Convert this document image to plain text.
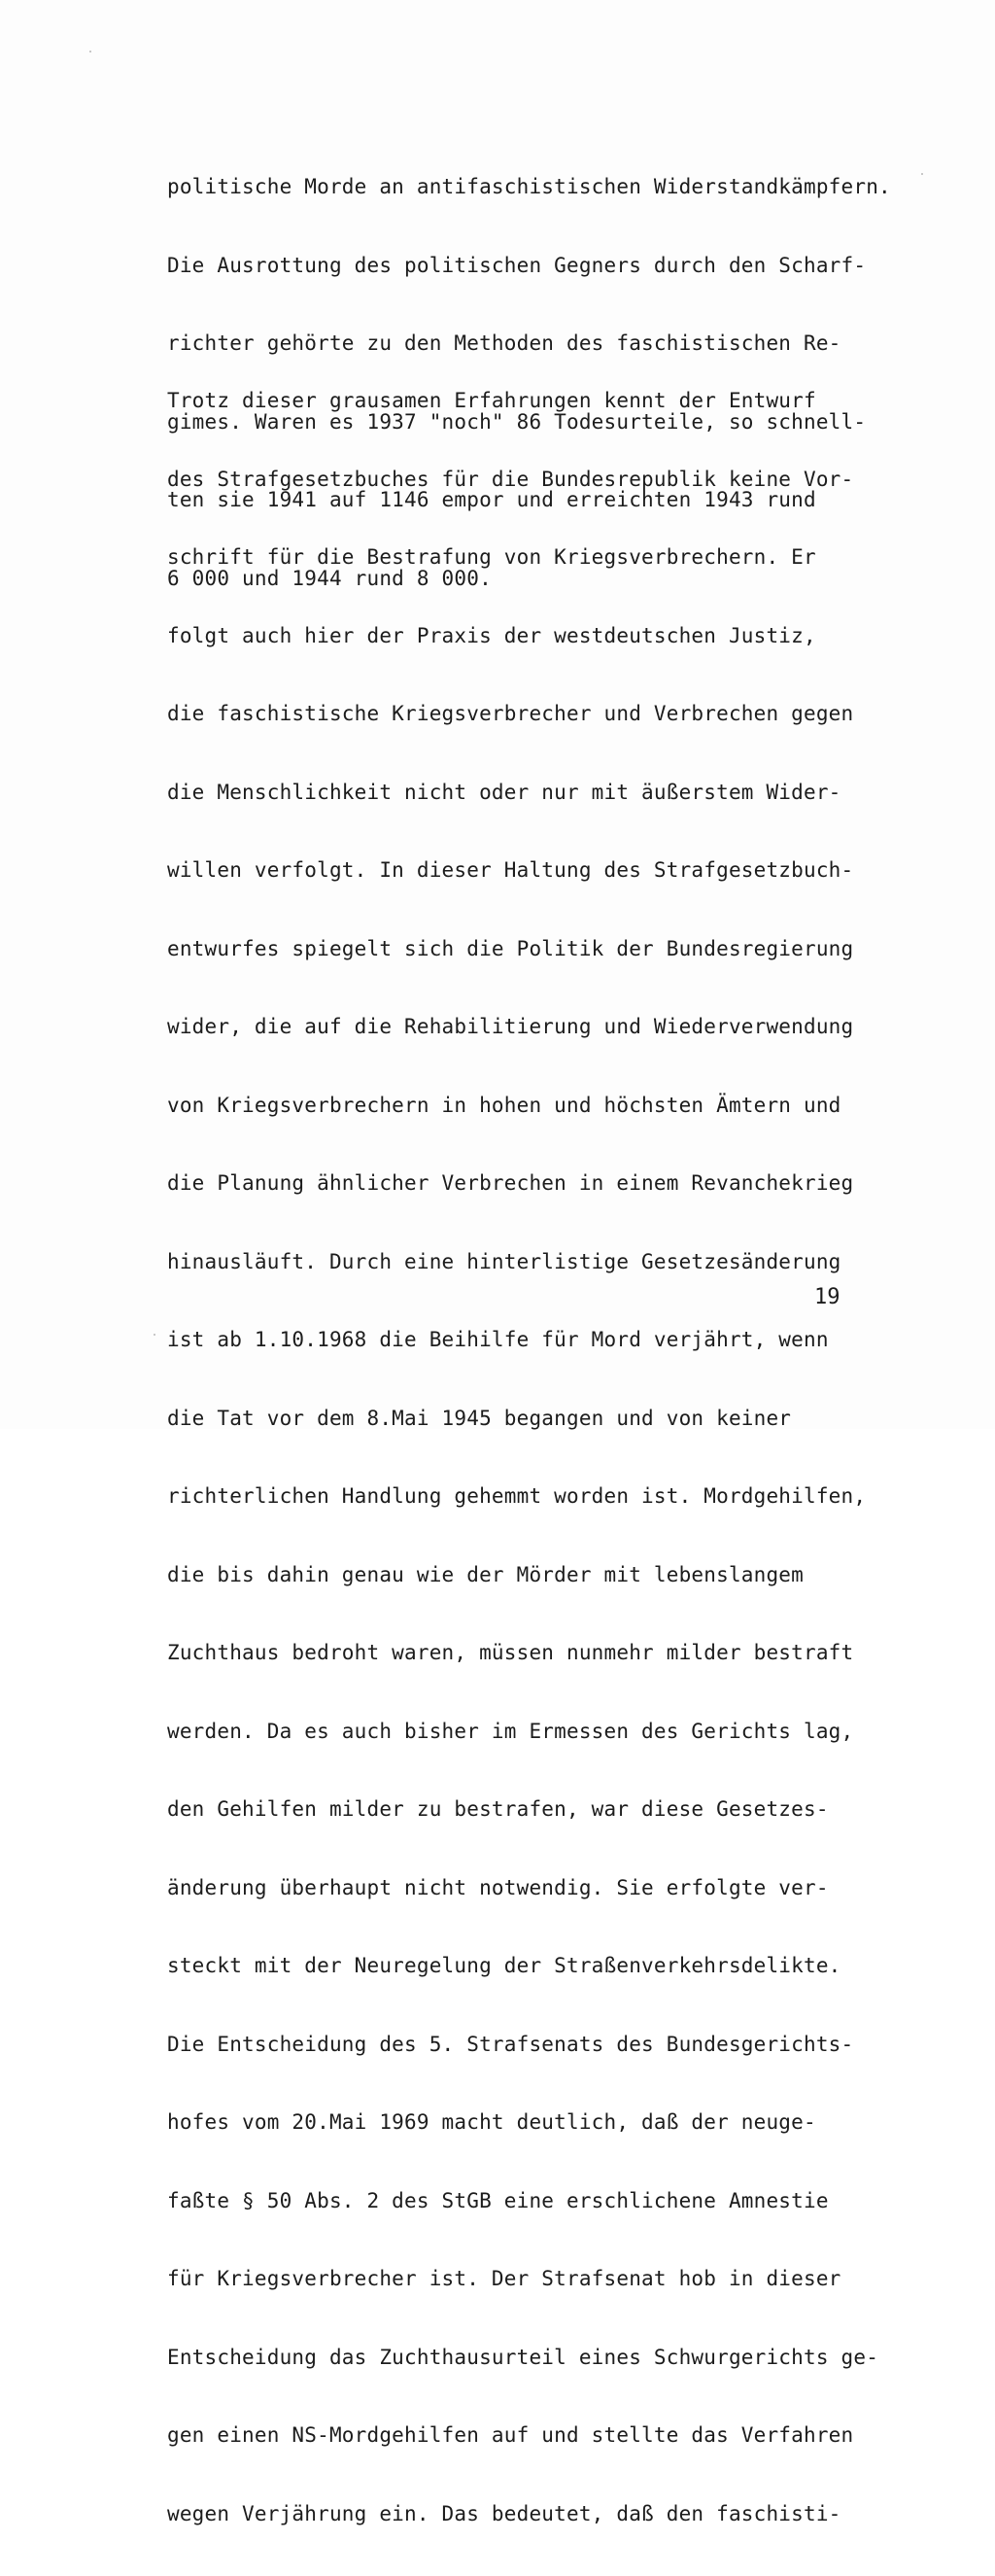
politische Morde an antifaschistischen Widerstandkämpfern.

Die Ausrottung des politischen Gegners durch den Scharf-

richter gehörte zu den Methoden des faschistischen Re-

gimes. Waren es 1937 "noch" 86 Todesurteile, so schnell-

ten sie 1941 auf 1146 empor und erreichten 1943 rund

6 000 und 1944 rund 8 000.

Trotz dieser grausamen Erfahrungen kennt der Entwurf

des Strafgesetzbuches für die Bundesrepublik keine Vor-

schrift für die Bestrafung von Kriegsverbrechern. Er

folgt auch hier der Praxis der westdeutschen Justiz,

die faschistische Kriegsverbrecher und Verbrechen gegen

die Menschlichkeit nicht oder nur mit äußerstem Wider-

willen verfolgt. In dieser Haltung des Strafgesetzbuch-

entwurfes spiegelt sich die Politik der Bundesregierung

wider, die auf die Rehabilitierung und Wiederverwendung

von Kriegsverbrechern in hohen und höchsten Ämtern und

die Planung ähnlicher Verbrechen in einem Revanchekrieg

hinausläuft. Durch eine hinterlistige Gesetzesänderung

ist ab 1.10.1968 die Beihilfe für Mord verjährt, wenn

die Tat vor dem 8.Mai 1945 begangen und von keiner

richterlichen Handlung gehemmt worden ist. Mordgehilfen,

die bis dahin genau wie der Mörder mit lebenslangem

Zuchthaus bedroht waren, müssen nunmehr milder bestraft

werden. Da es auch bisher im Ermessen des Gerichts lag,

den Gehilfen milder zu bestrafen, war diese Gesetzes-

änderung überhaupt nicht notwendig. Sie erfolgte ver-

steckt mit der Neuregelung der Straßenverkehrsdelikte.

Die Entscheidung des 5. Strafsenats des Bundesgerichts-

hofes vom 20.Mai 1969 macht deutlich, daß der neuge-

faßte § 50 Abs. 2 des StGB eine erschlichene Amnestie

für Kriegsverbrecher ist. Der Strafsenat hob in dieser

Entscheidung das Zuchthausurteil eines Schwurgerichts ge-

gen einen NS-Mordgehilfen auf und stellte das Verfahren

wegen Verjährung ein. Das bedeutet, daß den faschisti-

19
